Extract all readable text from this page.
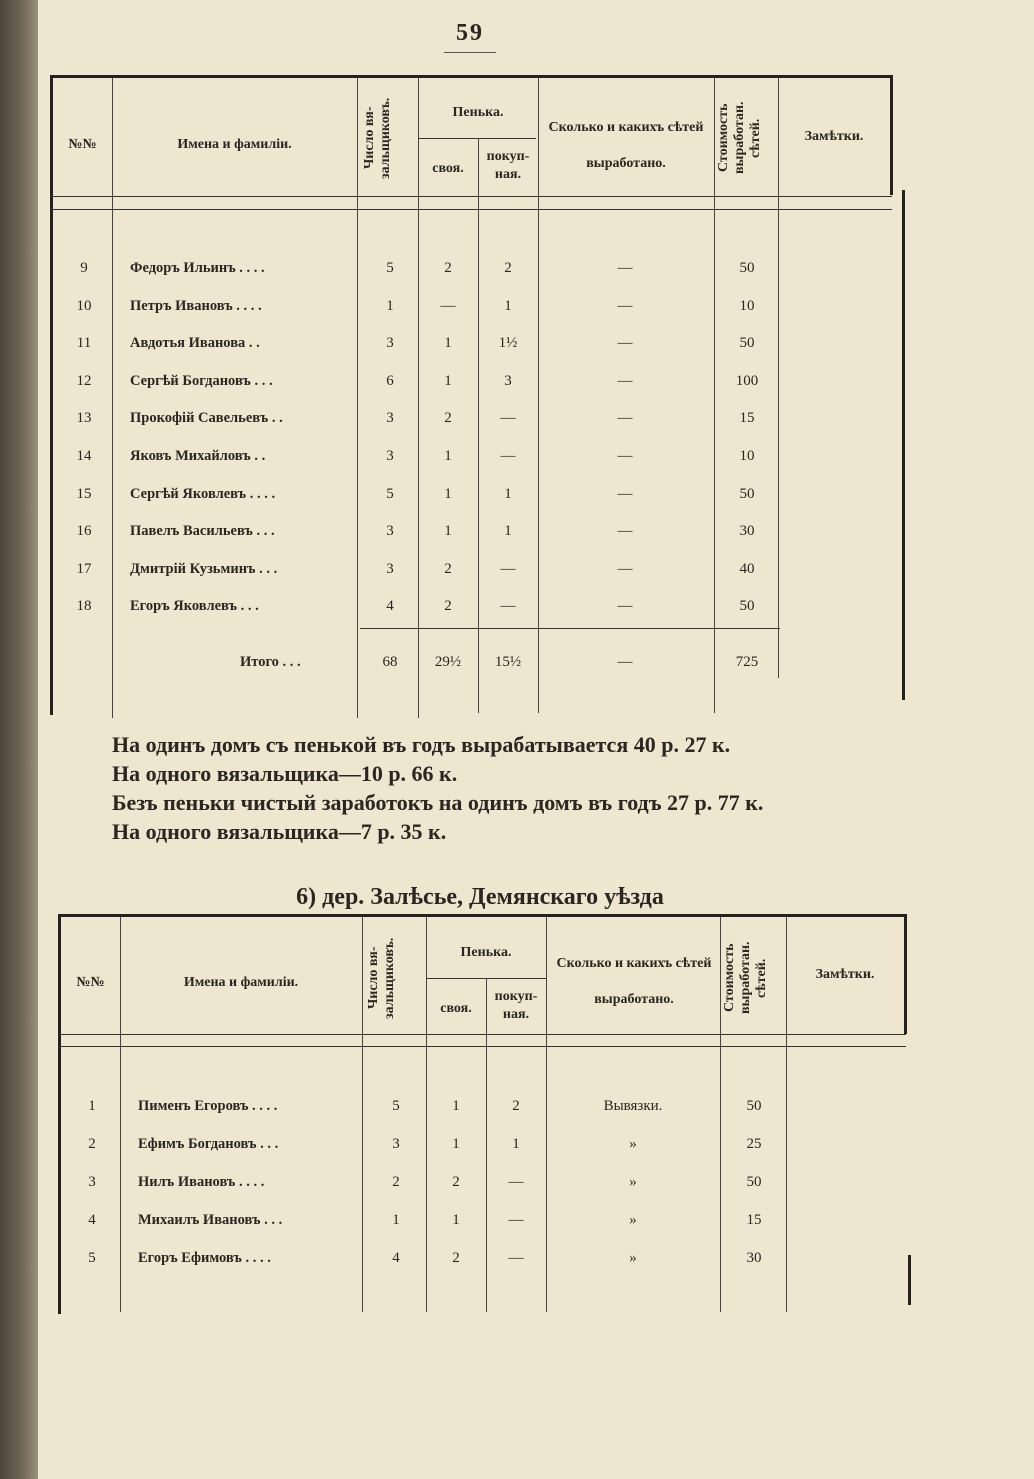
59
№№	Имена и фамиліи.	Число вя-зальщиковъ.	Пенька.
своя.
покуп-ная.
Сколько и какихъ сѣтей выработано.	Стоимость выработан. сѣтей.	Замѣтки.
9	Федоръ Ильинъ . . . .	5	2	2	—	50
10	Петръ Ивановъ . . . .	1	—	1	—	10
11	Авдотья Иванова . .	3	1	1½	—	50
12	Сергѣй Богдановъ . . .	6	1	3	—	100
13	Прокофій Савельевъ . .	3	2	—	—	15
14	Яковъ Михайловъ . .	3	1	—	—	10
15	Сергѣй Яковлевъ . . . .	5	1	1	—	50
16	Павелъ Васильевъ . . .	3	1	1	—	30
17	Дмитрій Кузьминъ . . .	3	2	—	—	40
18	Егоръ Яковлевъ . . .	4	2	—	—	50
Итого . . .	68	29½	15½	—	725
На одинъ домъ съ пенькой въ годъ вырабатывается 40 р. 27 к.
На одного вязальщика—10 р. 66 к.
Безъ пеньки чистый заработокъ на одинъ домъ въ годъ 27 р. 77 к.
На одного вязальщика—7 р. 35 к.
6) дер. Залѣсье, Демянскаго уѣзда
№№	Имена и фамиліи.	Число вя-зальщиковъ.	Пенька.
своя.
покуп-ная.
Сколько и какихъ сѣтей выработано.	Стоимость выработан. сѣтей.	Замѣтки.
1	Пименъ Егоровъ . . . .	5	1	2	Вывязки.	50
2	Ефимъ Богдановъ . . .	3	1	1	»	25
3	Нилъ Ивановъ . . . .	2	2	—	»	50
4	Михаилъ Ивановъ . . .	1	1	—	»	15
5	Егоръ Ефимовъ . . . .	4	2	—	»	30
